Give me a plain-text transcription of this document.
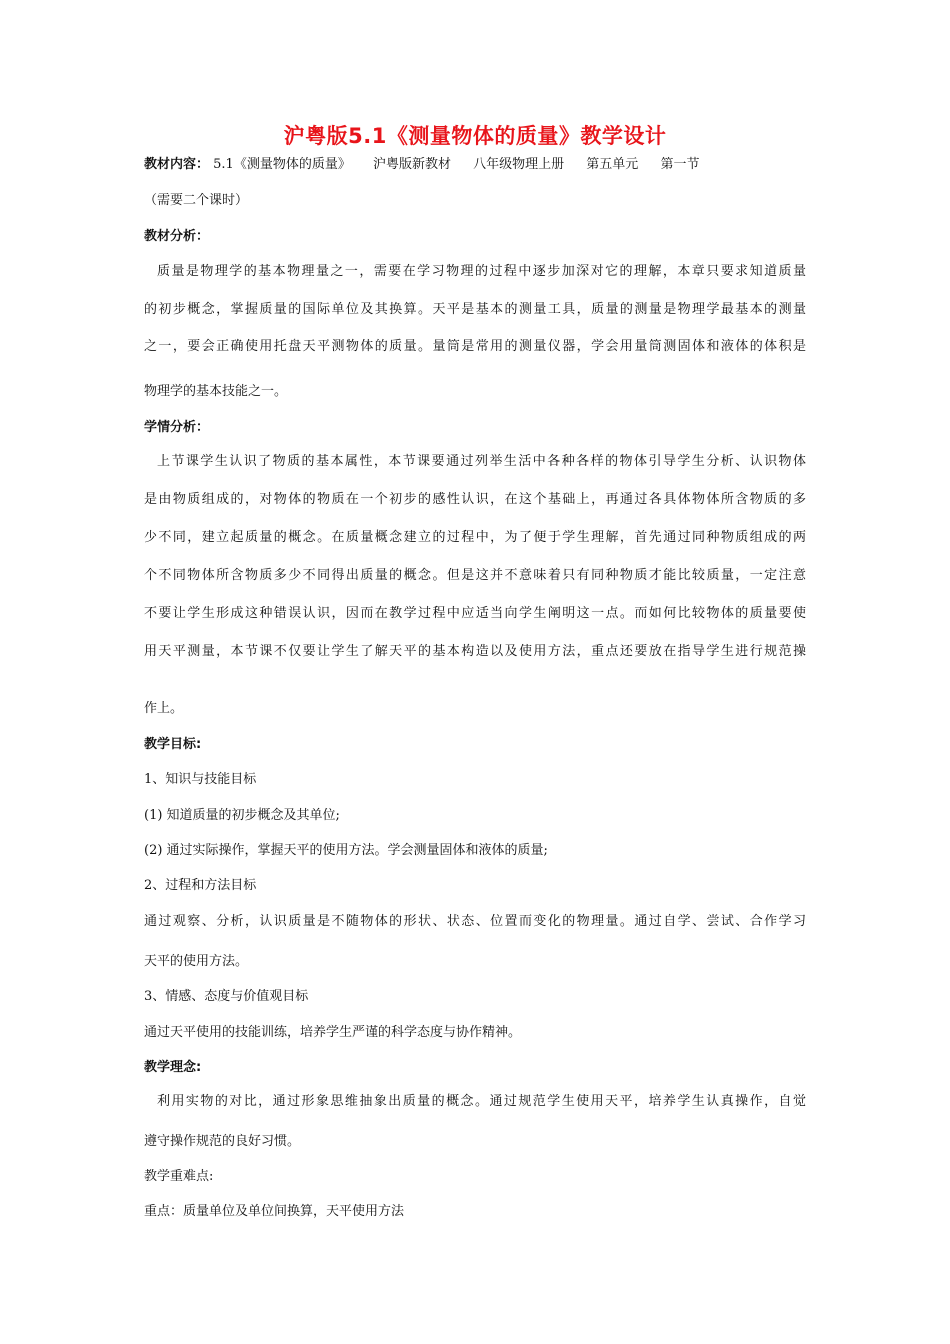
沪粤版5.1《测量物体的质量》教学设计
教材内容： 5.1《测量物体的质量》 沪粤版新教材 八年级物理上册 第五单元 第一节
（需要二个课时）
教材分析：
质量是物理学的基本物理量之一，需要在学习物理的过程中逐步加深对它的理解，本章只要求知道质量
的初步概念，掌握质量的国际单位及其换算。天平是基本的测量工具，质量的测量是物理学最基本的测量
之一，要会正确使用托盘天平测物体的质量。量筒是常用的测量仪器，学会用量筒测固体和液体的体积是
物理学的基本技能之一。
学情分析：
上节课学生认识了物质的基本属性，本节课要通过列举生活中各种各样的物体引导学生分析、认识物体
是由物质组成的，对物体的物质在一个初步的感性认识，在这个基础上，再通过各具体物体所含物质的多
少不同，建立起质量的概念。在质量概念建立的过程中，为了便于学生理解，首先通过同种物质组成的两
个不同物体所含物质多少不同得出质量的概念。但是这并不意味着只有同种物质才能比较质量，一定注意
不要让学生形成这种错误认识，因而在教学过程中应适当向学生阐明这一点。而如何比较物体的质量要使
用天平测量，本节课不仅要让学生了解天平的基本构造以及使用方法，重点还要放在指导学生进行规范操
作上。
教学目标:
1、知识与技能目标
(1) 知道质量的初步概念及其单位;
(2) 通过实际操作，掌握天平的使用方法。学会测量固体和液体的质量;
2、过程和方法目标
通过观察、分析，认识质量是不随物体的形状、状态、位置而变化的物理量。通过自学、尝试、合作学习
天平的使用方法。
3、情感、态度与价值观目标
通过天平使用的技能训练，培养学生严谨的科学态度与协作精神。
教学理念:
利用实物的对比，通过形象思维抽象出质量的概念。通过规范学生使用天平，培养学生认真操作，自觉
遵守操作规范的良好习惯。
教学重难点:
重点：质量单位及单位间换算，天平使用方法
